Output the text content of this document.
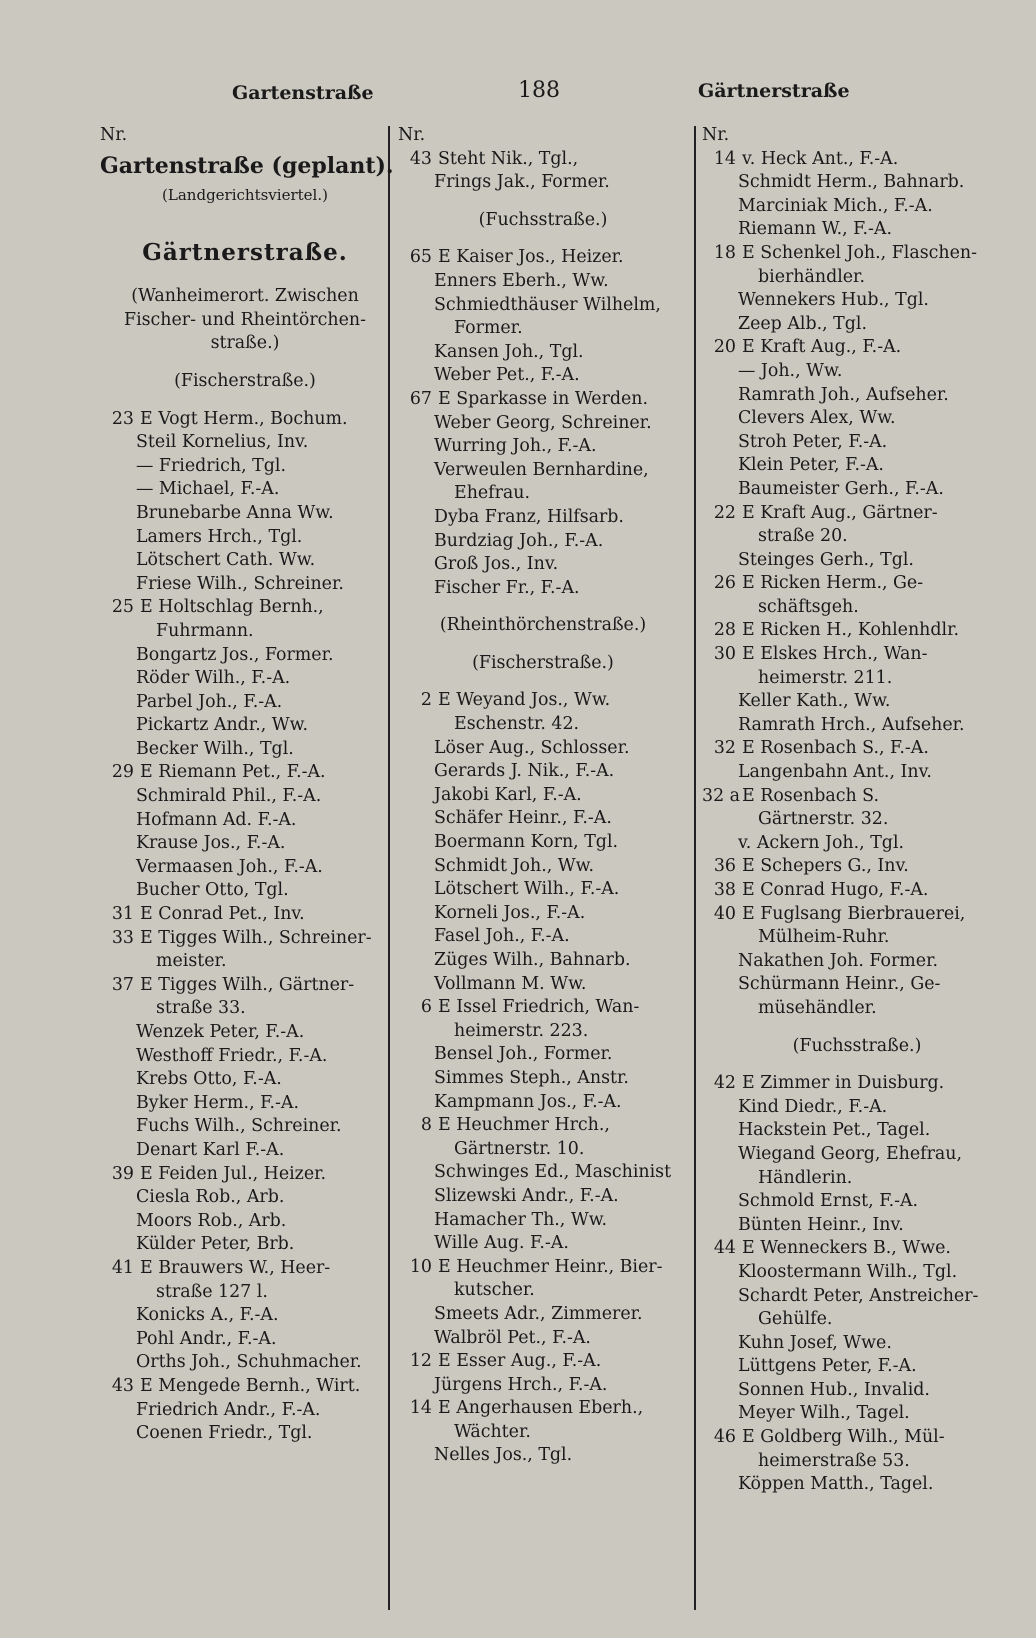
Gartenstraße	188	Gärtnerstraße
Nr.
Gartenstraße (geplant).
(Landgerichtsviertel.)
Gärtnerstraße.
(Wanheimerort. Zwischen
Fischer- und Rheintörchen-
straße.)
(Fischerstraße.)
23 E Vogt Herm., Bochum.
Steil Kornelius, Inv.
— Friedrich, Tgl.
— Michael, F.-A.
Brunebarbe Anna Ww.
Lamers Hrch., Tgl.
Lötschert Cath. Ww.
Friese Wilh., Schreiner.
25 E Holtschlag Bernh.,
Fuhrmann.
Bongartz Jos., Former.
Röder Wilh., F.-A.
Parbel Joh., F.-A.
Pickartz Andr., Ww.
Becker Wilh., Tgl.
29 E Riemann Pet., F.-A.
Schmirald Phil., F.-A.
Hofmann Ad. F.-A.
Krause Jos., F.-A.
Vermaasen Joh., F.-A.
Bucher Otto, Tgl.
31 E Conrad Pet., Inv.
33 E Tigges Wilh., Schreiner-
meister.
37 E Tigges Wilh., Gärtner-
straße 33.
Wenzek Peter, F.-A.
Westhoff Friedr., F.-A.
Krebs Otto, F.-A.
Byker Herm., F.-A.
Fuchs Wilh., Schreiner.
Denart Karl F.-A.
39 E Feiden Jul., Heizer.
Ciesla Rob., Arb.
Moors Rob., Arb.
Külder Peter, Brb.
41 E Brauwers W., Heer-
straße 127 l.
Konicks A., F.-A.
Pohl Andr., F.-A.
Orths Joh., Schuhmacher.
43 E Mengede Bernh., Wirt.
Friedrich Andr., F.-A.
Coenen Friedr., Tgl.
Nr.
43 Steht Nik., Tgl.,
Frings Jak., Former.
(Fuchsstraße.)
65 E Kaiser Jos., Heizer.
Enners Eberh., Ww.
Schmiedthäuser Wilhelm,
Former.
Kansen Joh., Tgl.
Weber Pet., F.-A.
67 E Sparkasse in Werden.
Weber Georg, Schreiner.
Wurring Joh., F.-A.
Verweulen Bernhardine,
Ehefrau.
Dyba Franz, Hilfsarb.
Burdziag Joh., F.-A.
Groß Jos., Inv.
Fischer Fr., F.-A.
(Rheinthörchenstraße.)
(Fischerstraße.)
2 E Weyand Jos., Ww.
Eschenstr. 42.
Löser Aug., Schlosser.
Gerards J. Nik., F.-A.
Jakobi Karl, F.-A.
Schäfer Heinr., F.-A.
Boermann Korn, Tgl.
Schmidt Joh., Ww.
Lötschert Wilh., F.-A.
Korneli Jos., F.-A.
Fasel Joh., F.-A.
Züges Wilh., Bahnarb.
Vollmann M. Ww.
6 E Issel Friedrich, Wan-
heimerstr. 223.
Bensel Joh., Former.
Simmes Steph., Anstr.
Kampmann Jos., F.-A.
8 E Heuchmer Hrch.,
Gärtnerstr. 10.
Schwinges Ed., Maschinist
Slizewski Andr., F.-A.
Hamacher Th., Ww.
Wille Aug. F.-A.
10 E Heuchmer Heinr., Bier-
kutscher.
Smeets Adr., Zimmerer.
Walbröl Pet., F.-A.
12 E Esser Aug., F.-A.
Jürgens Hrch., F.-A.
14 E Angerhausen Eberh.,
Wächter.
Nelles Jos., Tgl.
Nr.
14 v. Heck Ant., F.-A.
Schmidt Herm., Bahnarb.
Marciniak Mich., F.-A.
Riemann W., F.-A.
18 E Schenkel Joh., Flaschen-
bierhändler.
Wennekers Hub., Tgl.
Zeep Alb., Tgl.
20 E Kraft Aug., F.-A.
— Joh., Ww.
Ramrath Joh., Aufseher.
Clevers Alex, Ww.
Stroh Peter, F.-A.
Klein Peter, F.-A.
Baumeister Gerh., F.-A.
22 E Kraft Aug., Gärtner-
straße 20.
Steinges Gerh., Tgl.
26 E Ricken Herm., Ge-
schäftsgeh.
28 E Ricken H., Kohlenhdlr.
30 E Elskes Hrch., Wan-
heimerstr. 211.
Keller Kath., Ww.
Ramrath Hrch., Aufseher.
32 E Rosenbach S., F.-A.
Langenbahn Ant., Inv.
32 a E Rosenbach S.
Gärtnerstr. 32.
v. Ackern Joh., Tgl.
36 E Schepers G., Inv.
38 E Conrad Hugo, F.-A.
40 E Fuglsang Bierbrauerei,
Mülheim-Ruhr.
Nakathen Joh. Former.
Schürmann Heinr., Ge-
müsehändler.
(Fuchsstraße.)
42 E Zimmer in Duisburg.
Kind Diedr., F.-A.
Hackstein Pet., Tagel.
Wiegand Georg, Ehefrau,
Händlerin.
Schmold Ernst, F.-A.
Bünten Heinr., Inv.
44 E Wenneckers B., Wwe.
Kloostermann Wilh., Tgl.
Schardt Peter, Anstreicher-
Gehülfe.
Kuhn Josef, Wwe.
Lüttgens Peter, F.-A.
Sonnen Hub., Invalid.
Meyer Wilh., Tagel.
46 E Goldberg Wilh., Mül-
heimerstraße 53.
Köppen Matth., Tagel.
